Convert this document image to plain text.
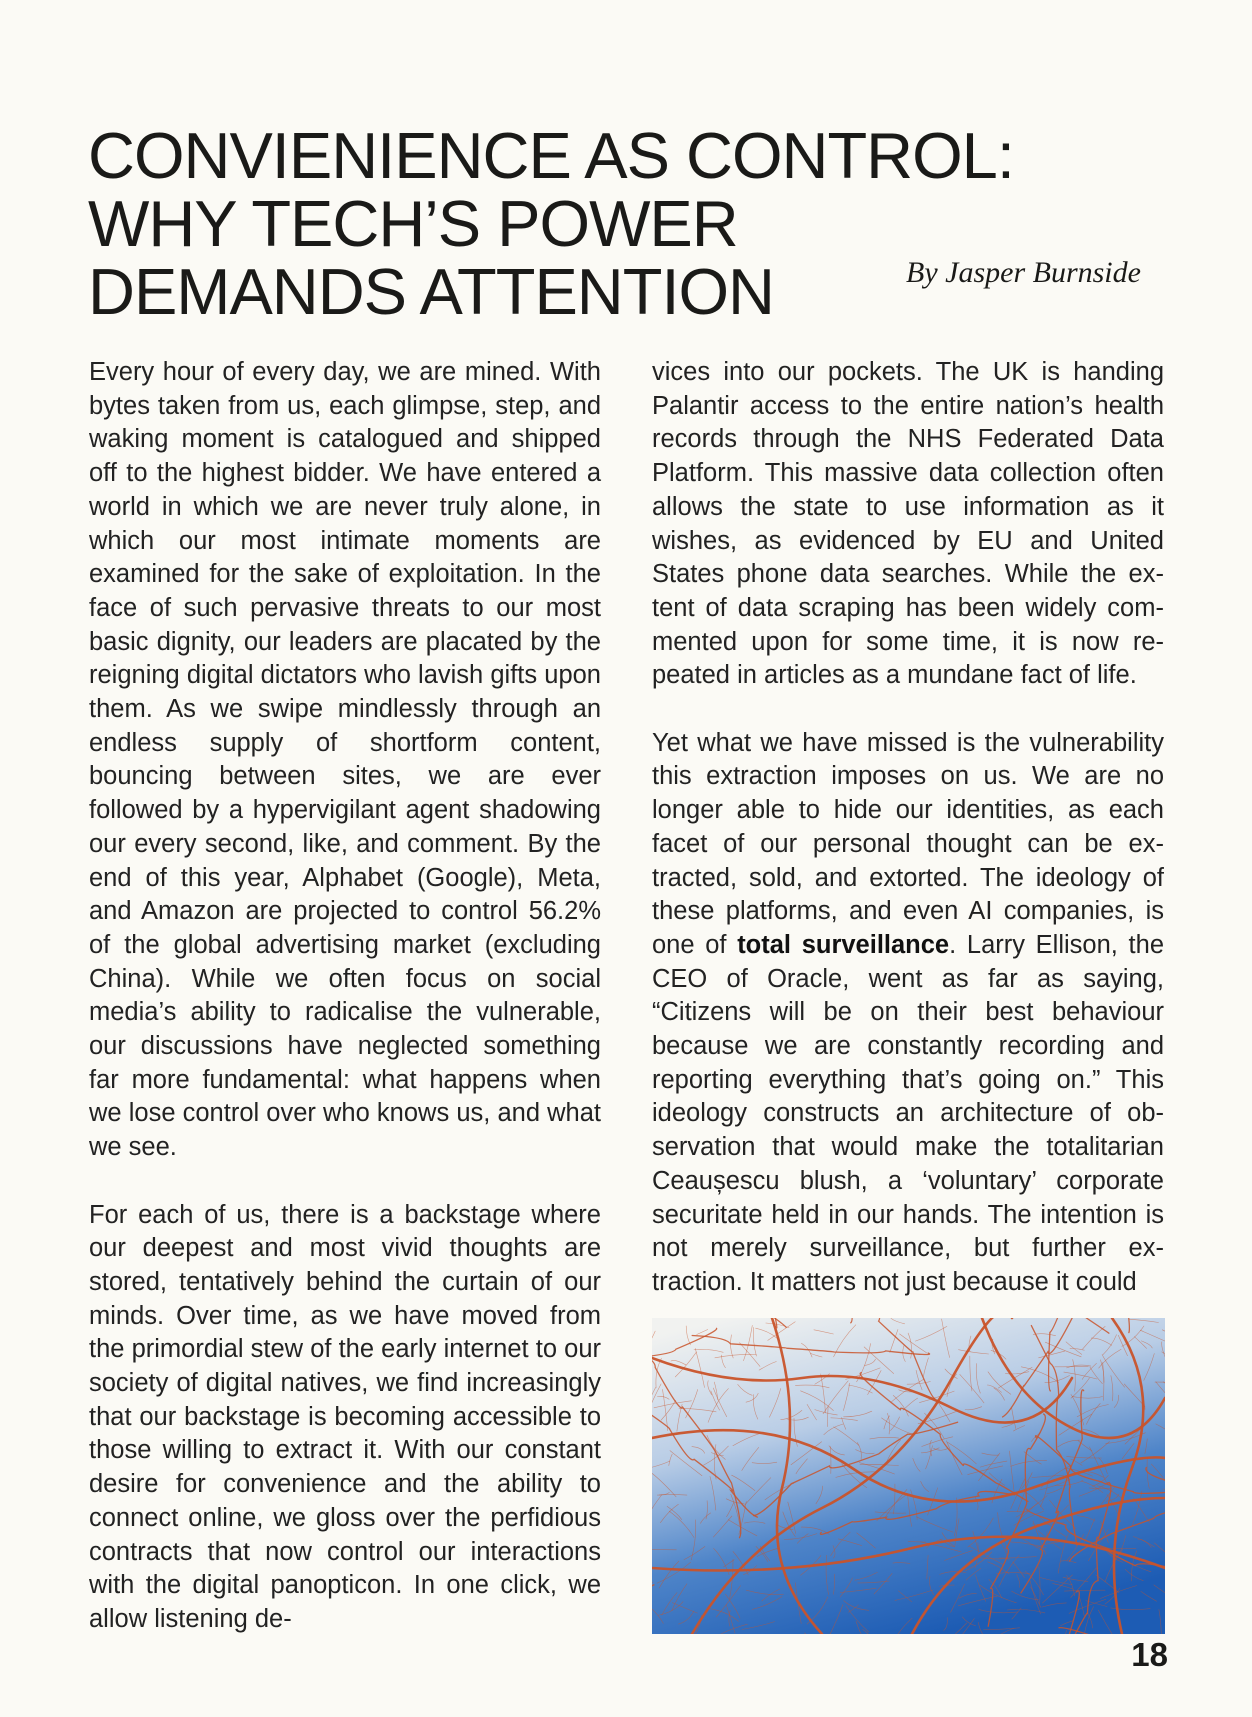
CONVIENIENCE AS CONTROL:
WHY TECH’S POWER
DEMANDS ATTENTION	By Jasper Burnside

Every hour of every day, we are mined. With bytes taken from us, each glimpse, step, and waking moment is catalogued and shipped off to the highest bidder. We have entered a world in which we are never truly alone, in which our most intimate moments are examined for the sake of exploitation. In the face of such pervasive threats to our most basic dignity, our leaders are placated by the reigning digital dictators who lavish gifts upon them. As we swipe mindlessly through an endless supply of shortform content, bouncing between sites, we are ever followed by a hypervigilant agent shadowing our every second, like, and comment. By the end of this year, Alphabet (Google), Meta, and Amazon are projected to control 56.2% of the global advertising market (excluding China). While we often focus on social media’s ability to radicalise the vulnerable, our discussions have neglected something far more fundamental: what happens when we lose control over who knows us, and what we see.

For each of us, there is a backstage where our deepest and most vivid thoughts are stored, tentatively behind the curtain of our minds. Over time, as we have moved from the primordial stew of the early internet to our society of digital natives, we find increasingly that our backstage is becoming accessible to those willing to extract it. With our constant desire for convenience and the ability to connect online, we gloss over the perfidious contracts that now control our interactions with the digital panopticon. In one click, we allow listening de-

vices into our pockets. The UK is handing Palantir access to the entire nation’s health records through the NHS Federated Data Platform. This massive data collection often allows the state to use information as it wishes, as evidenced by EU and United States phone data searches. While the extent of data scraping has been widely commented upon for some time, it is now repeated in articles as a mundane fact of life.

Yet what we have missed is the vulnerability this extraction imposes on us. We are no longer able to hide our identities, as each facet of our personal thought can be extracted, sold, and extorted. The ideology of these platforms, and even AI companies, is one of total surveillance. Larry Ellison, the CEO of Oracle, went as far as saying, “Citizens will be on their best behaviour because we are constantly recording and reporting everything that’s going on.” This ideology constructs an architecture of observation that would make the totalitarian Ceaușescu blush, a ‘voluntary’ corporate securitate held in our hands. The intention is not merely surveillance, but further extraction. It matters not just because it could

18
